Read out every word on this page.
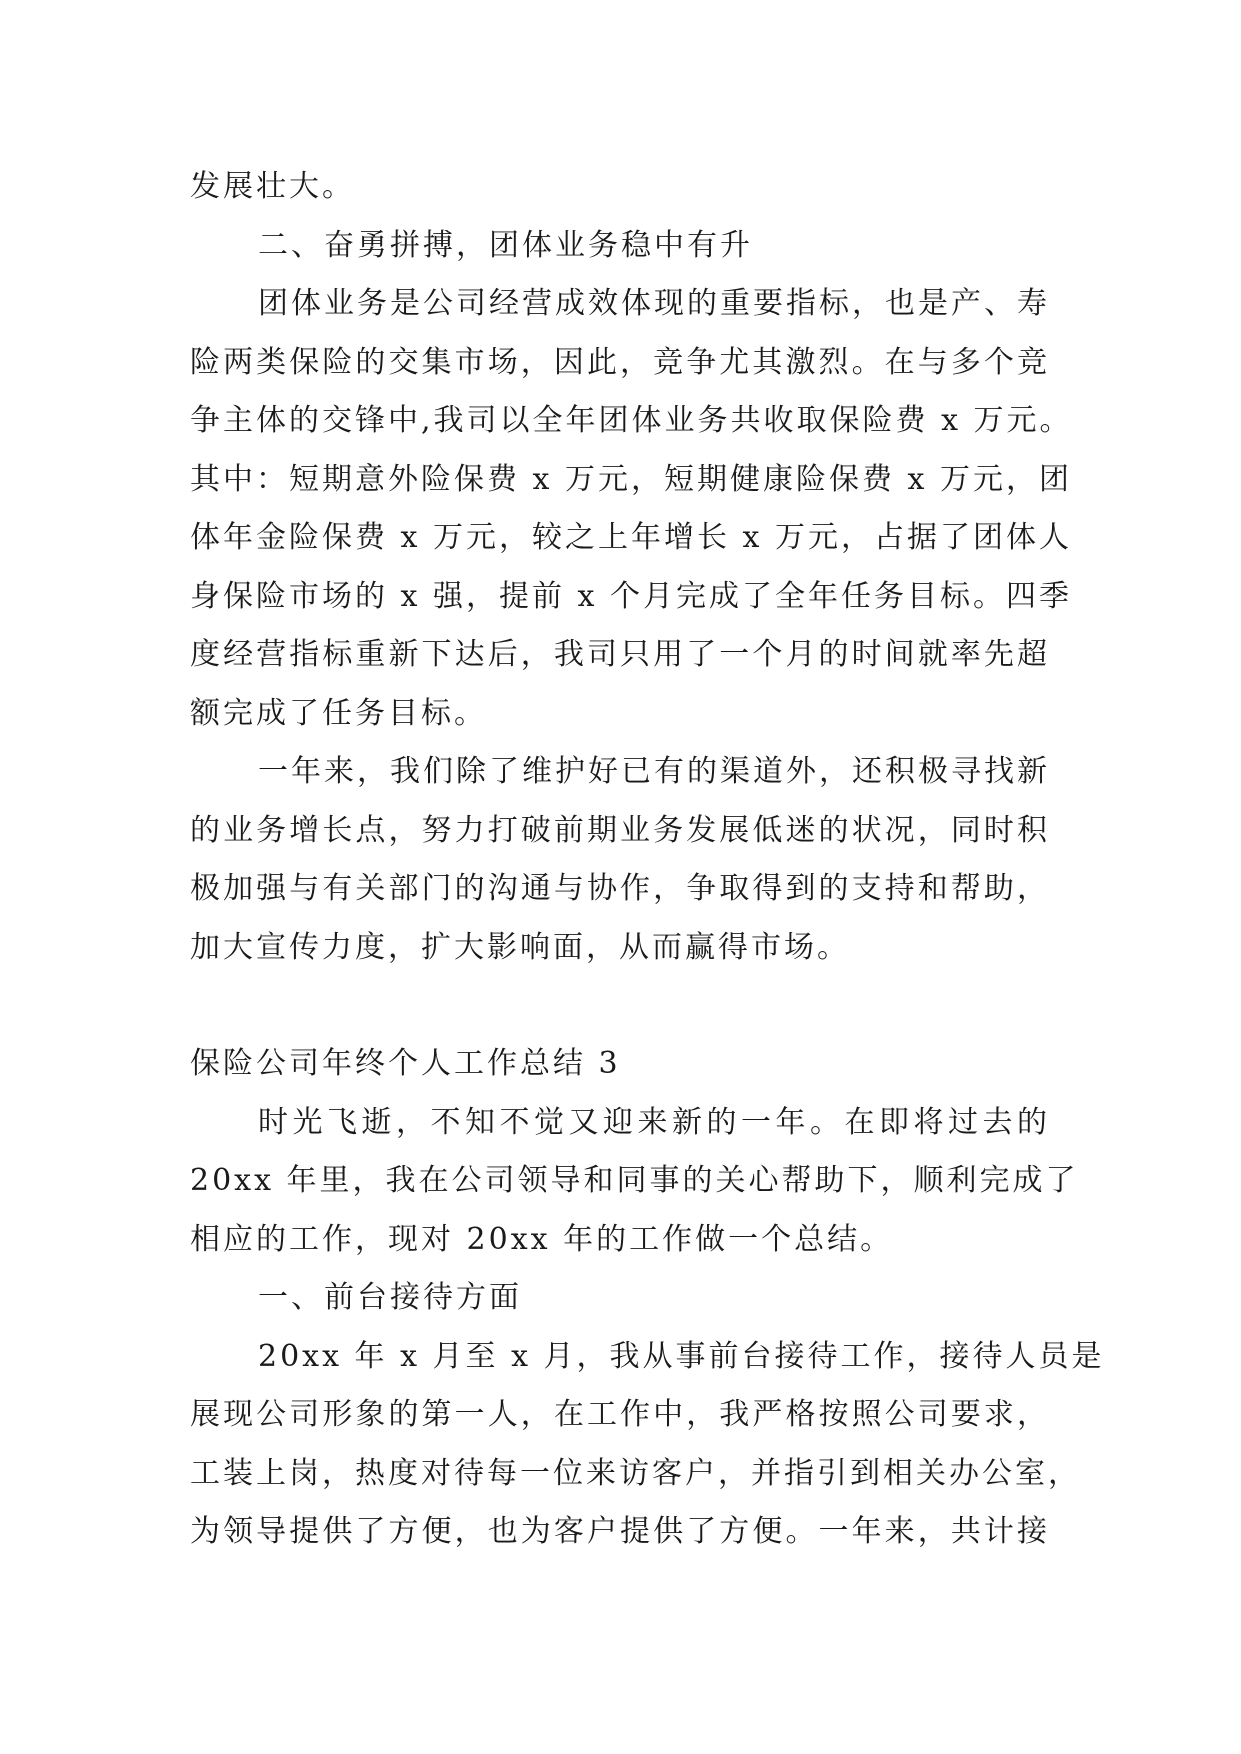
发展壮大。
二、奋勇拼搏，团体业务稳中有升
团体业务是公司经营成效体现的重要指标，也是产、寿
险两类保险的交集市场，因此，竞争尤其激烈。在与多个竞
争主体的交锋中,我司以全年团体业务共收取保险费 x 万元。
其中：短期意外险保费 x 万元，短期健康险保费 x 万元，团
体年金险保费 x 万元，较之上年增长 x 万元，占据了团体人
身保险市场的 x 强，提前 x 个月完成了全年任务目标。四季
度经营指标重新下达后，我司只用了一个月的时间就率先超
额完成了任务目标。
一年来，我们除了维护好已有的渠道外，还积极寻找新
的业务增长点，努力打破前期业务发展低迷的状况，同时积
极加强与有关部门的沟通与协作，争取得到的支持和帮助，
加大宣传力度，扩大影响面，从而赢得市场。
保险公司年终个人工作总结 3
时光飞逝，不知不觉又迎来新的一年。在即将过去的
20xx 年里，我在公司领导和同事的关心帮助下，顺利完成了
相应的工作，现对 20xx 年的工作做一个总结。
一、前台接待方面
20xx 年 x 月至 x 月，我从事前台接待工作，接待人员是
展现公司形象的第一人，在工作中，我严格按照公司要求，
工装上岗，热度对待每一位来访客户，并指引到相关办公室，
为领导提供了方便，也为客户提供了方便。一年来，共计接
